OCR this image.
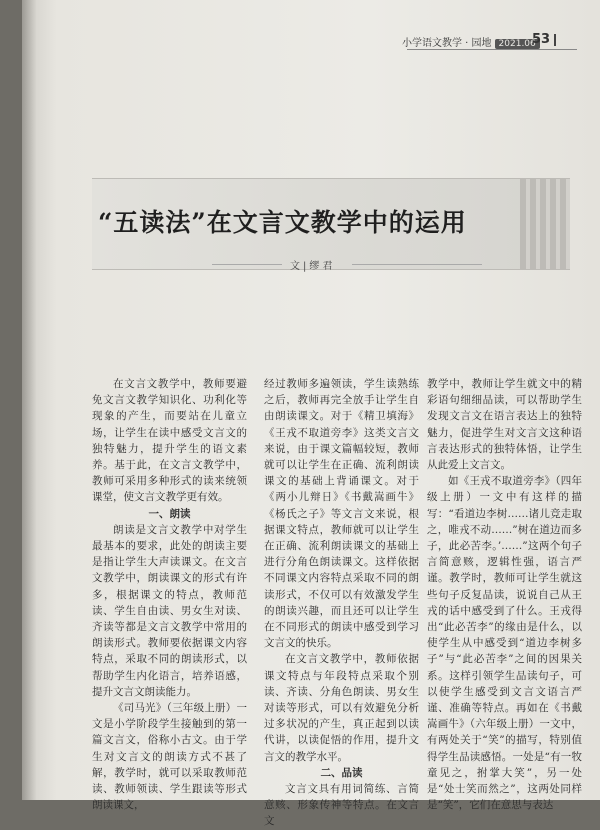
小学语文教学 · 园地 2021.06
53
“五读法”在文言文教学中的运用
文 | 缪 君

在文言文教学中，教师要避免文言文教学知识化、功利化等现象的产生，而要站在儿童立场，让学生在读中感受文言文的独特魅力，提升学生的语文素养。基于此，在文言文教学中，教师可采用多种形式的读来统领课堂，使文言文教学更有效。

一、朗读

朗读是文言文教学中对学生最基本的要求，此处的朗读主要是指让学生大声读课文。在文言文教学中，朗读课文的形式有许多，根据课文的特点，教师范读、学生自由读、男女生对读、齐读等都是文言文教学中常用的朗读形式。教师要依据课文内容特点，采取不同的朗读形式，以帮助学生内化语言，培养语感，提升文言文朗读能力。

《司马光》（三年级上册）一文是小学阶段学生接触到的第一篇文言文，俗称小古文。由于学生对文言文的朗读方式不甚了解，教学时，就可以采取教师范读、教师领读、学生跟读等形式朗读课文，

经过教师多遍领读，学生读熟练之后，教师再完全放手让学生自由朗读课文。对于《精卫填海》《王戎不取道旁李》这类文言文来说，由于课文篇幅较短，教师就可以让学生在正确、流利朗读课文的基础上背诵课文。对于《两小儿辩日》《书戴嵩画牛》《杨氏之子》等文言文来说，根据课文特点，教师就可以让学生在正确、流利朗读课文的基础上进行分角色朗读课文。这样依据不同课文内容特点采取不同的朗读形式，不仅可以有效激发学生的朗读兴趣，而且还可以让学生在不同形式的朗读中感受到学习文言文的快乐。

在文言文教学中，教师依据课文特点与年段特点采取个别读、齐读、分角色朗读、男女生对读等形式，可以有效避免分析过多状况的产生，真正起到以读代讲，以读促悟的作用，提升文言文的教学水平。

二、品读

文言文具有用词简练、言简意赅、形象传神等特点。在文言文

教学中，教师让学生就文中的精彩语句细细品读，可以帮助学生发现文言文在语言表达上的独特魅力，促进学生对文言文这种语言表达形式的独特体悟，让学生从此爱上文言文。

如《王戎不取道旁李》（四年级上册）一文中有这样的描写：“看道边李树……诸儿竞走取之，唯戎不动……”树在道边而多子，此必苦李。’……”这两个句子言简意赅，逻辑性强，语言严谨。教学时，教师可让学生就这些句子反复品读，说说自己从王戎的话中感受到了什么。王戎得出“此必苦李”的缘由是什么，以使学生从中感受到“道边李树多子”与“此必苦李”之间的因果关系。这样引领学生品读句子，可以使学生感受到文言文语言严谨、准确等特点。再如在《书戴嵩画牛》（六年级上册）一文中，有两处关于“笑”的描写，特别值得学生品读感悟。一处是“有一牧童见之，拊掌大笑”，另一处是“处士笑而然之”，这两处同样是“笑”，它们在意思与表达
